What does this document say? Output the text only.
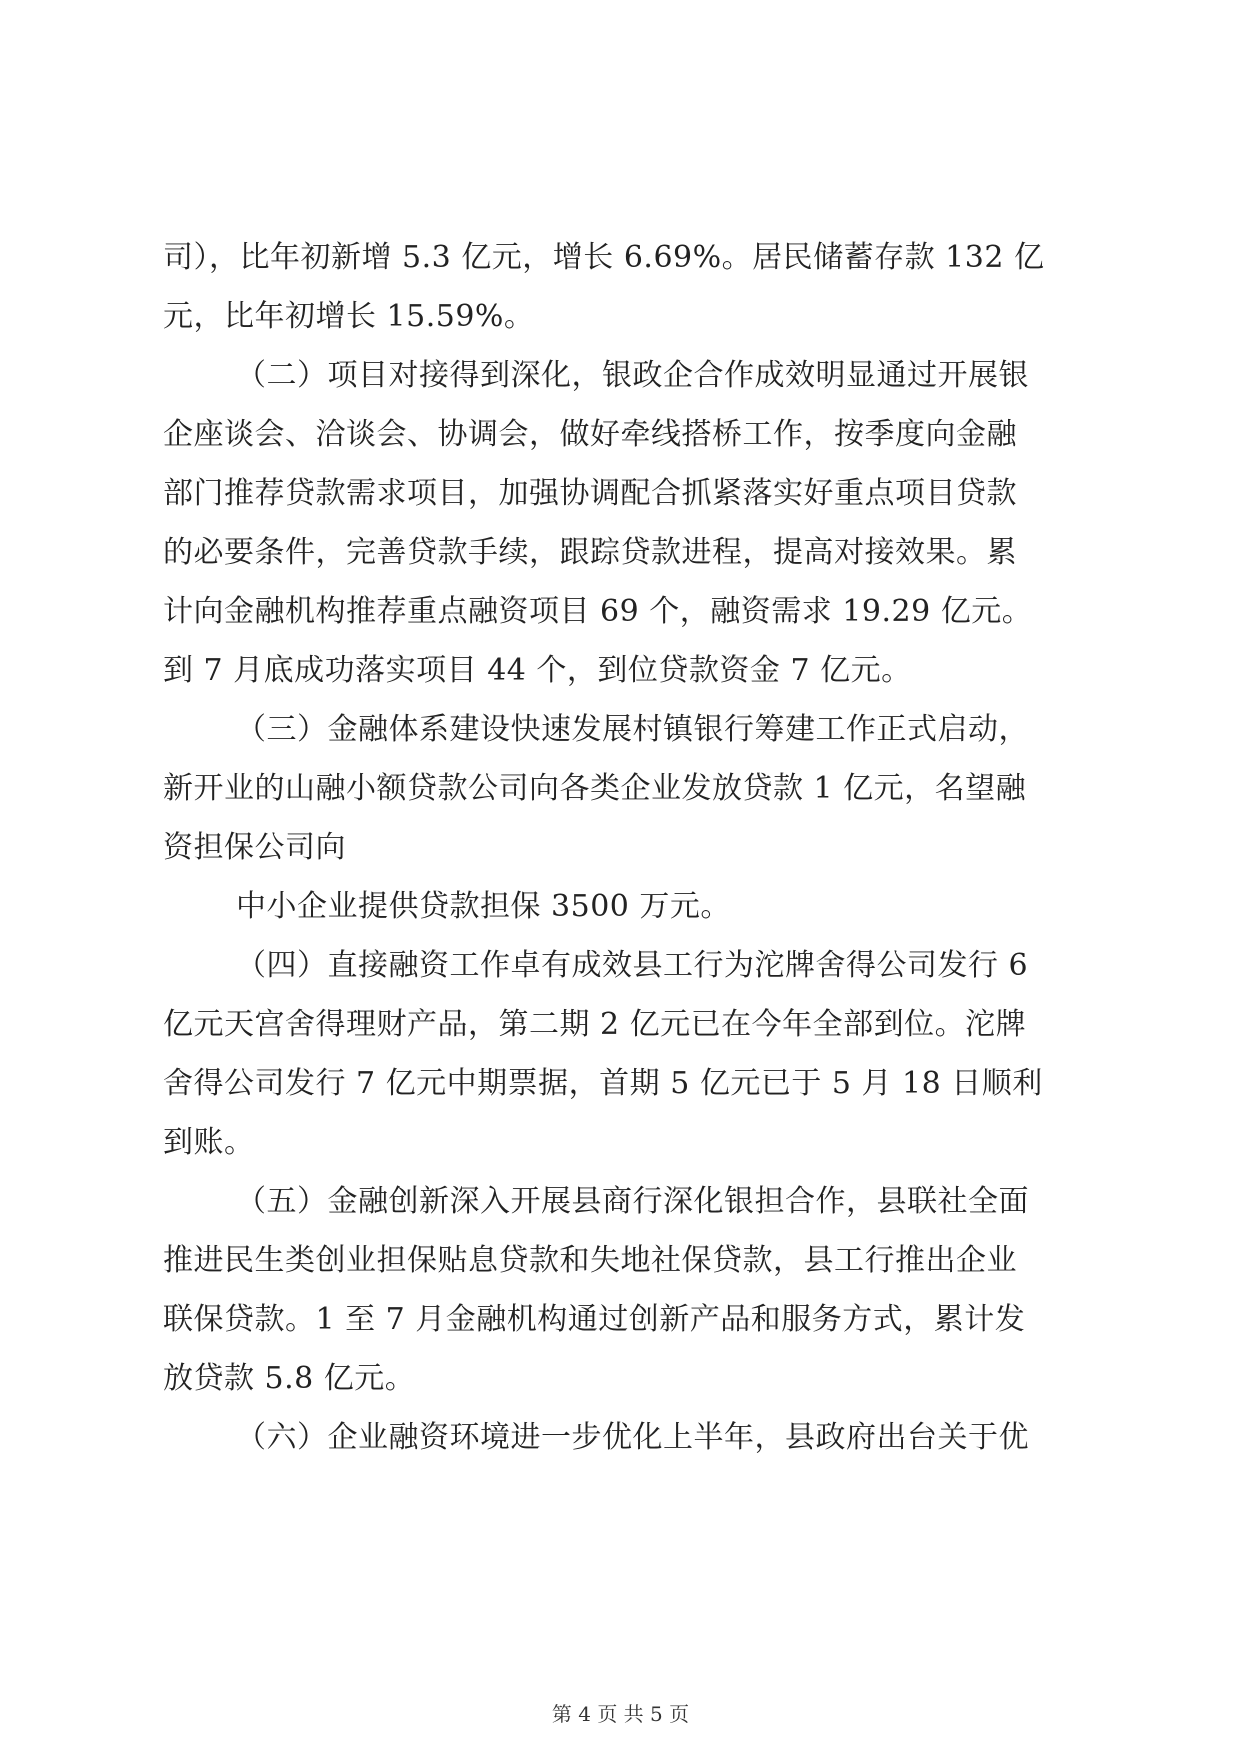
司），比年初新增 5.3 亿元，增长 6.69%。居民储蓄存款 132 亿
元，比年初增长 15.59%。
（二）项目对接得到深化，银政企合作成效明显通过开展银
企座谈会、洽谈会、协调会，做好牵线搭桥工作，按季度向金融
部门推荐贷款需求项目，加强协调配合抓紧落实好重点项目贷款
的必要条件，完善贷款手续，跟踪贷款进程，提高对接效果。累
计向金融机构推荐重点融资项目 69 个，融资需求 19.29 亿元。
到 7 月底成功落实项目 44 个，到位贷款资金 7 亿元。
（三）金融体系建设快速发展村镇银行筹建工作正式启动，
新开业的山融小额贷款公司向各类企业发放贷款 1 亿元，名望融
资担保公司向
中小企业提供贷款担保 3500 万元。
（四）直接融资工作卓有成效县工行为沱牌舍得公司发行 6
亿元天宫舍得理财产品，第二期 2 亿元已在今年全部到位。沱牌
舍得公司发行 7 亿元中期票据，首期 5 亿元已于 5 月 18 日顺利
到账。
（五）金融创新深入开展县商行深化银担合作，县联社全面
推进民生类创业担保贴息贷款和失地社保贷款，县工行推出企业
联保贷款。1 至 7 月金融机构通过创新产品和服务方式，累计发
放贷款 5.8 亿元。
（六）企业融资环境进一步优化上半年，县政府出台关于优
第 4 页 共 5 页
